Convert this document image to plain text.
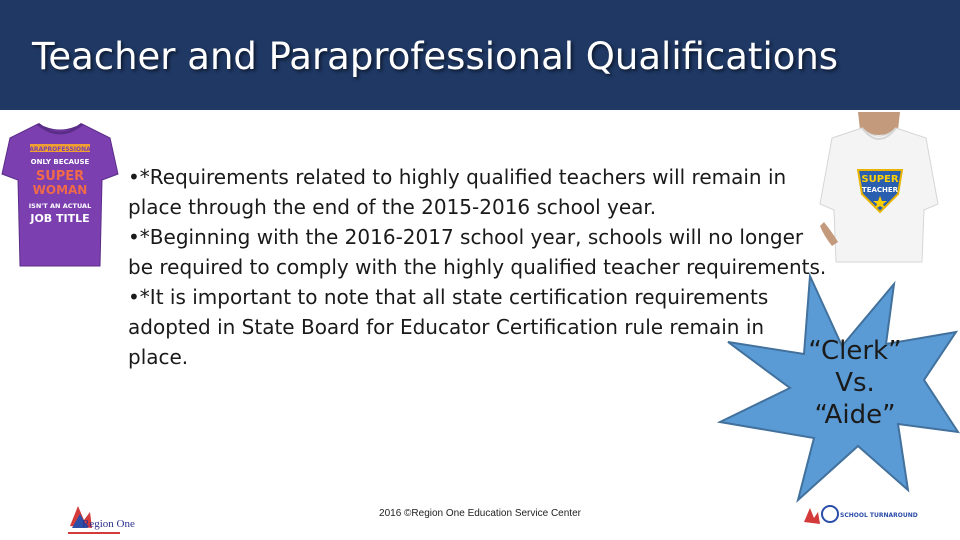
Teacher and Paraprofessional Qualifications
PARAPROFESSIONAL
ONLY BECAUSE
SUPER
WOMAN
ISN'T AN ACTUAL
JOB TITLE
SUPER
TEACHER

•*Requirements related to highly qualified teachers will remain in place through the end of the 2015-2016 school year.

•*Beginning with the 2016-2017 school year, schools will no longer be required to comply with the highly qualified teacher requirements.

•*It is important to note that all state certification requirements adopted in State Board for Educator Certification rule remain in place.	“Clerk”
Vs.
“Aide”
Region One
2016 ©Region One Education Service Center	SCHOOL TURNAROUND
